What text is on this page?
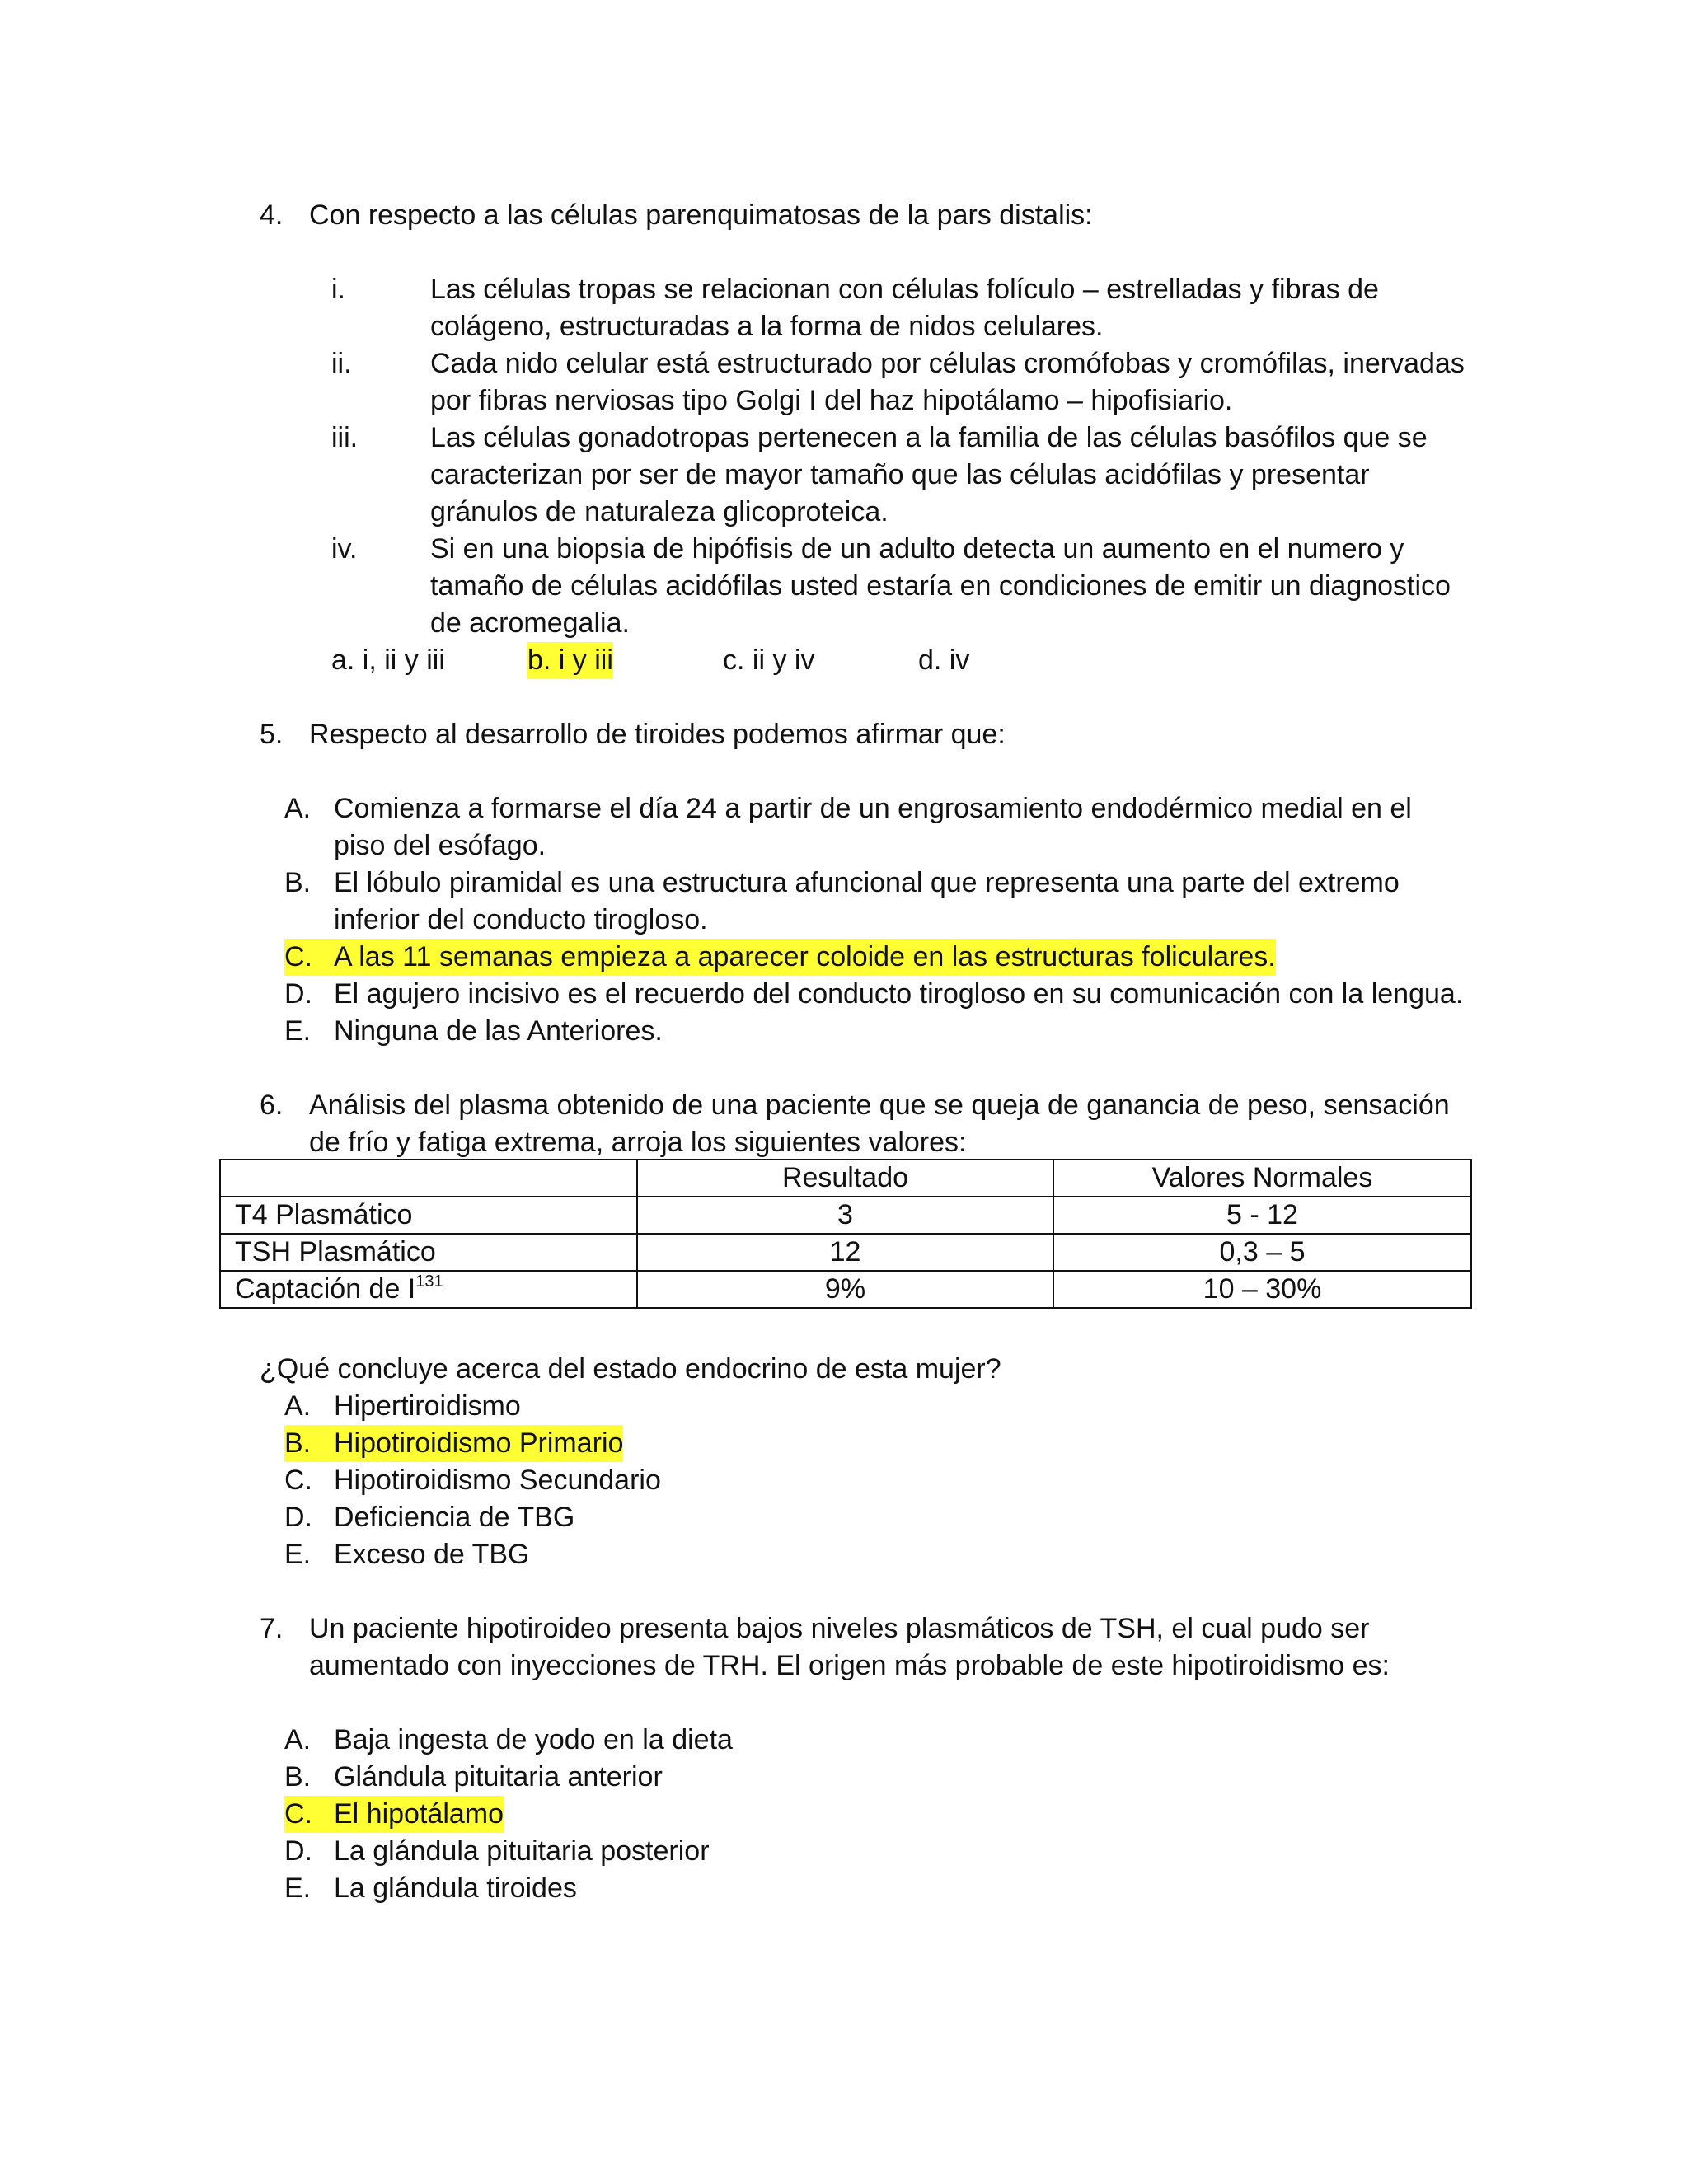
4. Con respecto a las células parenquimatosas de la pars distalis:
i.	Las células tropas se relacionan con células folículo – estrelladas y fibras de
colágeno, estructuradas a la forma de nidos celulares.
ii.	Cada nido celular está estructurado por células cromófobas y cromófilas, inervadas
por fibras nerviosas tipo Golgi I del haz hipotálamo – hipofisiario.
iii.	Las células gonadotropas pertenecen a la familia de las células basófilos que se
caracterizan por ser de mayor tamaño que las células acidófilas y presentar
gránulos de naturaleza glicoproteica.
iv.	Si en una biopsia de hipófisis de un adulto detecta un aumento en el numero y
tamaño de células acidófilas usted estaría en condiciones de emitir un diagnostico
de acromegalia.
a. i, ii y iii	b. i y iii	c. ii y iv	d. iv
5. Respecto al desarrollo de tiroides podemos afirmar que:
A. Comienza a formarse el día 24 a partir de un engrosamiento endodérmico medial en el
piso del esófago.
B. El lóbulo piramidal es una estructura afuncional que representa una parte del extremo
inferior del conducto tirogloso.
C. A las 11 semanas empieza a aparecer coloide en las estructuras foliculares.
D. El agujero incisivo es el recuerdo del conducto tirogloso en su comunicación con la lengua.
E. Ninguna de las Anteriores.
6. Análisis del plasma obtenido de una paciente que se queja de ganancia de peso, sensación
de frío y fatiga extrema, arroja los siguientes valores:
	Resultado	Valores Normales
T4 Plasmático	3	5 - 12
TSH Plasmático	12	0,3 – 5
Captación de $I^{131}$	9%	10 – 30%
¿Qué concluye acerca del estado endocrino de esta mujer?
A. Hipertiroidismo
B. Hipotiroidismo Primario
C. Hipotiroidismo Secundario
D. Deficiencia de TBG
E. Exceso de TBG
7. Un paciente hipotiroideo presenta bajos niveles plasmáticos de TSH, el cual pudo ser
aumentado con inyecciones de TRH. El origen más probable de este hipotiroidismo es:
A. Baja ingesta de yodo en la dieta
B. Glándula pituitaria anterior
C. El hipotálamo
D. La glándula pituitaria posterior
E. La glándula tiroides
